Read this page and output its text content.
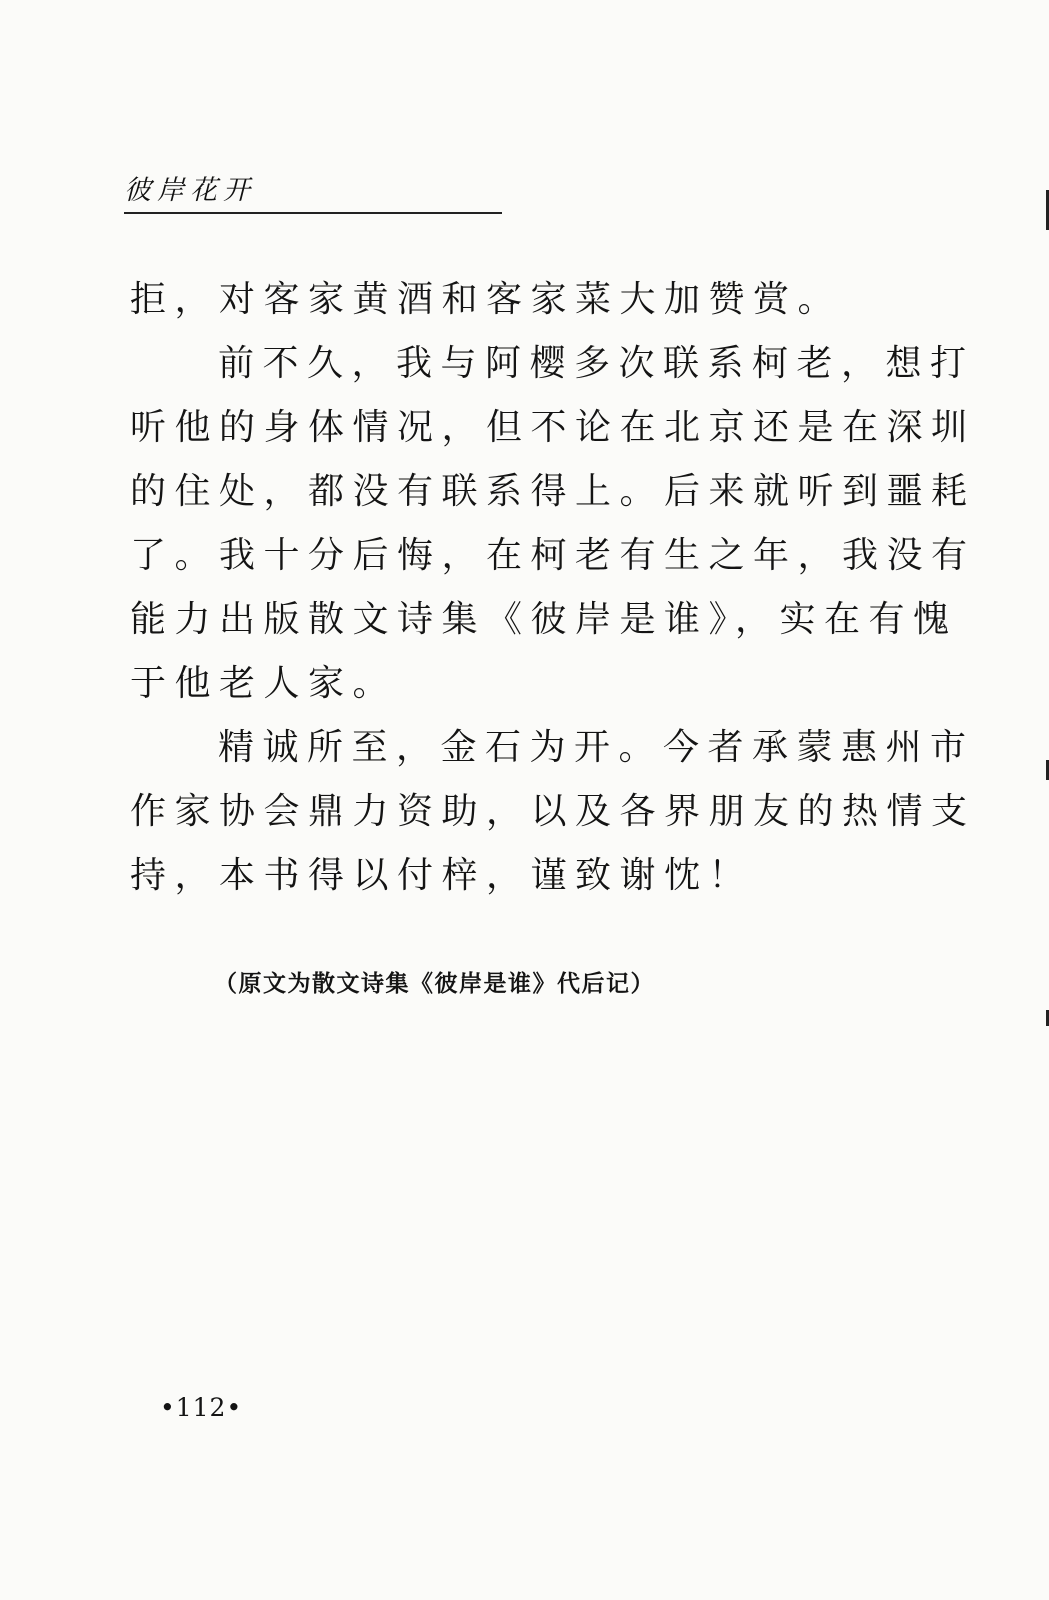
彼岸花开
拒，对客家黄酒和客家菜大加赞赏。
前不久，我与阿樱多次联系柯老，想打
听他的身体情况，但不论在北京还是在深圳
的住处，都没有联系得上。后来就听到噩耗
了。我十分后悔，在柯老有生之年，我没有
能力出版散文诗集《彼岸是谁》，实在有愧
于他老人家。
精诚所至，金石为开。今者承蒙惠州市
作家协会鼎力资助，以及各界朋友的热情支
持，本书得以付梓，谨致谢忱！
（原文为散文诗集《彼岸是谁》代后记）
•112•
